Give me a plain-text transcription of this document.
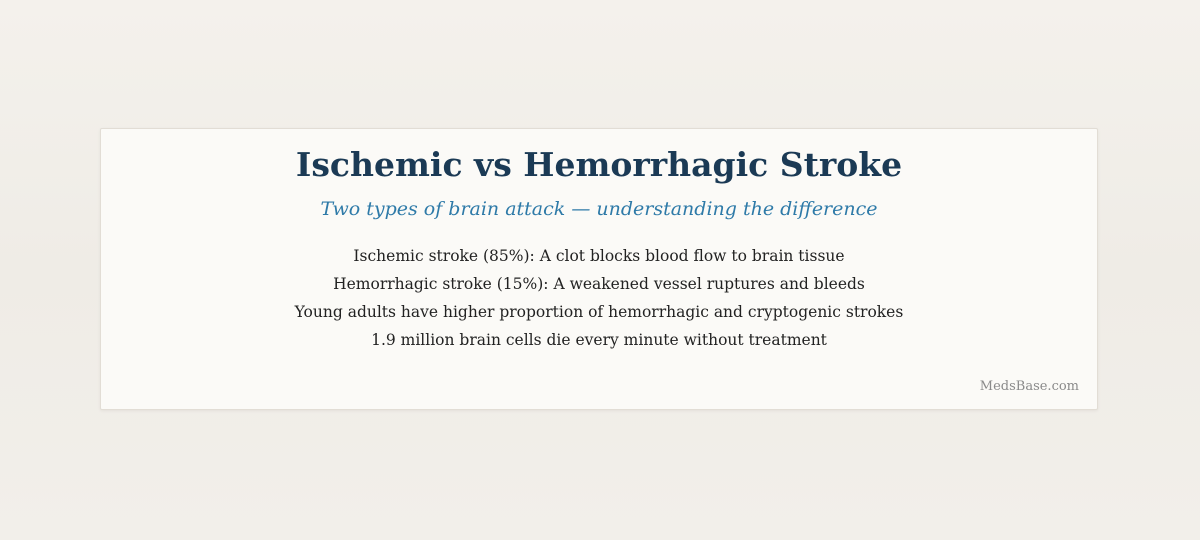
Ischemic vs Hemorrhagic Stroke

Two types of brain attack — understanding the difference

Ischemic stroke (85%): A clot blocks blood flow to brain tissue
Hemorrhagic stroke (15%): A weakened vessel ruptures and bleeds
Young adults have higher proportion of hemorrhagic and cryptogenic strokes
1.9 million brain cells die every minute without treatment
MedsBase.com
